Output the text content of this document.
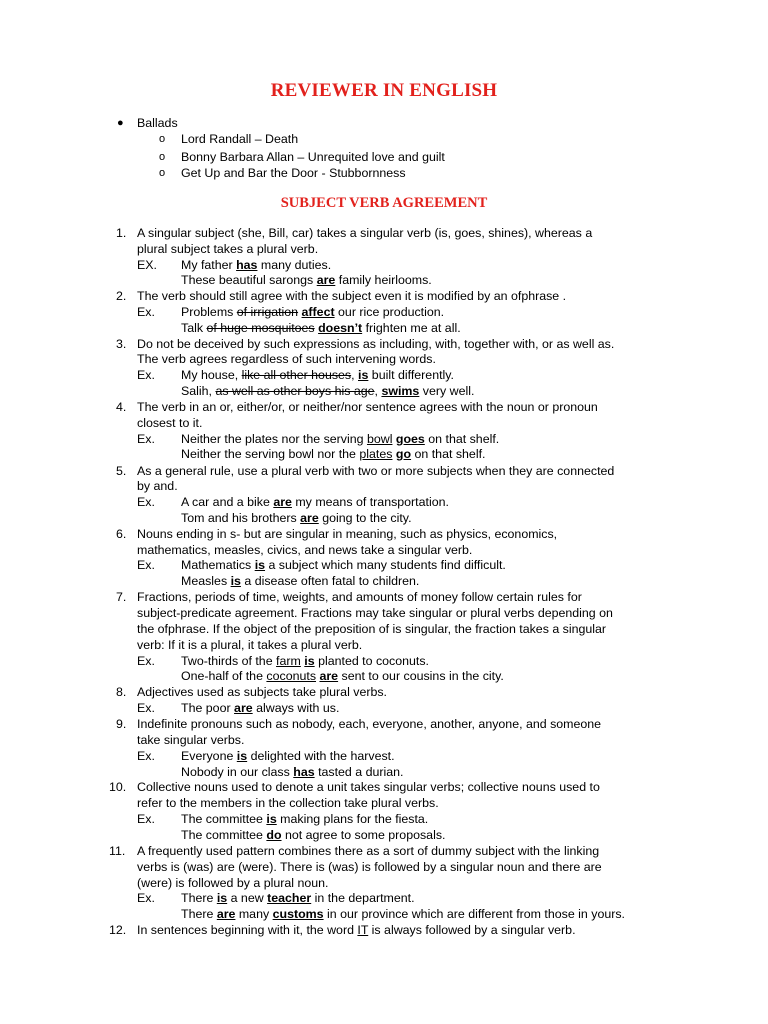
REVIEWER IN ENGLISH
● Ballads
o Lord Randall – Death
o Bonny Barbara Allan – Unrequited love and guilt
o Get Up and Bar the Door - Stubbornness
SUBJECT VERB AGREEMENT
1. A singular subject (she, Bill, car) takes a singular verb (is, goes, shines), whereas a
plural subject takes a plural verb.
EX. My father has many duties.
These beautiful sarongs are family heirlooms.
2. The verb should still agree with the subject even it is modified by an ofphrase .
Ex. Problems of irrigation affect our rice production.
Talk of huge mosquitoes doesn’t frighten me at all.
3. Do not be deceived by such expressions as including, with, together with, or as well as.
The verb agrees regardless of such intervening words.
Ex. My house, like all other houses, is built differently.
Salih, as well as other boys his age, swims very well.
4. The verb in an or, either/or, or neither/nor sentence agrees with the noun or pronoun
closest to it.
Ex. Neither the plates nor the serving bowl goes on that shelf.
Neither the serving bowl nor the plates go on that shelf.
5. As a general rule, use a plural verb with two or more subjects when they are connected
by and.
Ex. A car and a bike are my means of transportation.
Tom and his brothers are going to the city.
6. Nouns ending in s- but are singular in meaning, such as physics, economics,
mathematics, measles, civics, and news take a singular verb.
Ex. Mathematics is a subject which many students find difficult.
Measles is a disease often fatal to children.
7. Fractions, periods of time, weights, and amounts of money follow certain rules for
subject-predicate agreement. Fractions may take singular or plural verbs depending on
the ofphrase. If the object of the preposition of is singular, the fraction takes a singular
verb: If it is a plural, it takes a plural verb.
Ex. Two-thirds of the farm is planted to coconuts.
One-half of the coconuts are sent to our cousins in the city.
8. Adjectives used as subjects take plural verbs.
Ex. The poor are always with us.
9. Indefinite pronouns such as nobody, each, everyone, another, anyone, and someone
take singular verbs.
Ex. Everyone is delighted with the harvest.
Nobody in our class has tasted a durian.
10. Collective nouns used to denote a unit takes singular verbs; collective nouns used to
refer to the members in the collection take plural verbs.
Ex. The committee is making plans for the fiesta.
The committee do not agree to some proposals.
11. A frequently used pattern combines there as a sort of dummy subject with the linking
verbs is (was) are (were). There is (was) is followed by a singular noun and there are
(were) is followed by a plural noun.
Ex. There is a new teacher in the department.
There are many customs in our province which are different from those in yours.
12. In sentences beginning with it, the word IT is always followed by a singular verb.
